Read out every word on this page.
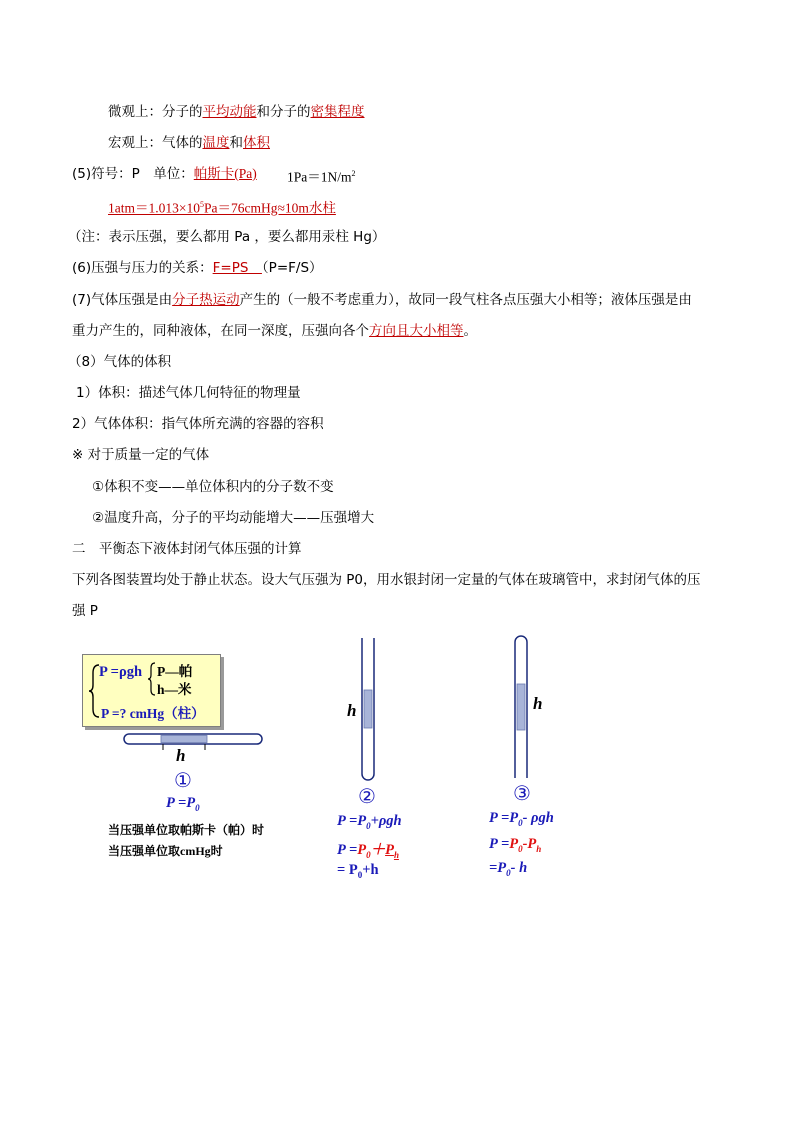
微观上：分子的平均动能和分子的密集程度
宏观上：气体的温度和体积
(5)符号：P　单位：帕斯卡(Pa) $1Pa=1N/m^2$
$1atm=1.013\times 10^5Pa=76cmHg\approx 10m$水柱
（注：表示压强，要么都用 Pa ，要么都用汞柱 Hg）
(6)压强与压力的关系：F=PS　（P=F/S）
(7)气体压强是由分子热运动产生的（一般不考虑重力），故同一段气柱各点压强大小相等；液体压强是由
重力产生的，同种液体，在同一深度，压强向各个方向且大小相等。
（8）气体的体积
1）体积：描述气体几何特征的物理量
2）气体体积：指气体所充满的容器的容积
※ 对于质量一定的气体
①体积不变——单位体积内的分子数不变
②温度升高，分子的平均动能增大——压强增大
二　平衡态下液体封闭气体压强的计算
下列各图装置均处于静止状态。设大气压强为 P0，用水银封闭一定量的气体在玻璃管中，求封闭气体的压
强 P
P =ρgh P—帕
h—米
P =? cmHg（柱）
h
①
$P =P_0$
当压强单位取帕斯卡（帕）时
当压强单位取cmHg时
h
②
$P =P_0+\rho gh$
$P =P_0+P_h$
= $P_0+h$
h
③
$P =P_0-$ ρgh
$P =P_0-P_h$
$=P_0-$ h
